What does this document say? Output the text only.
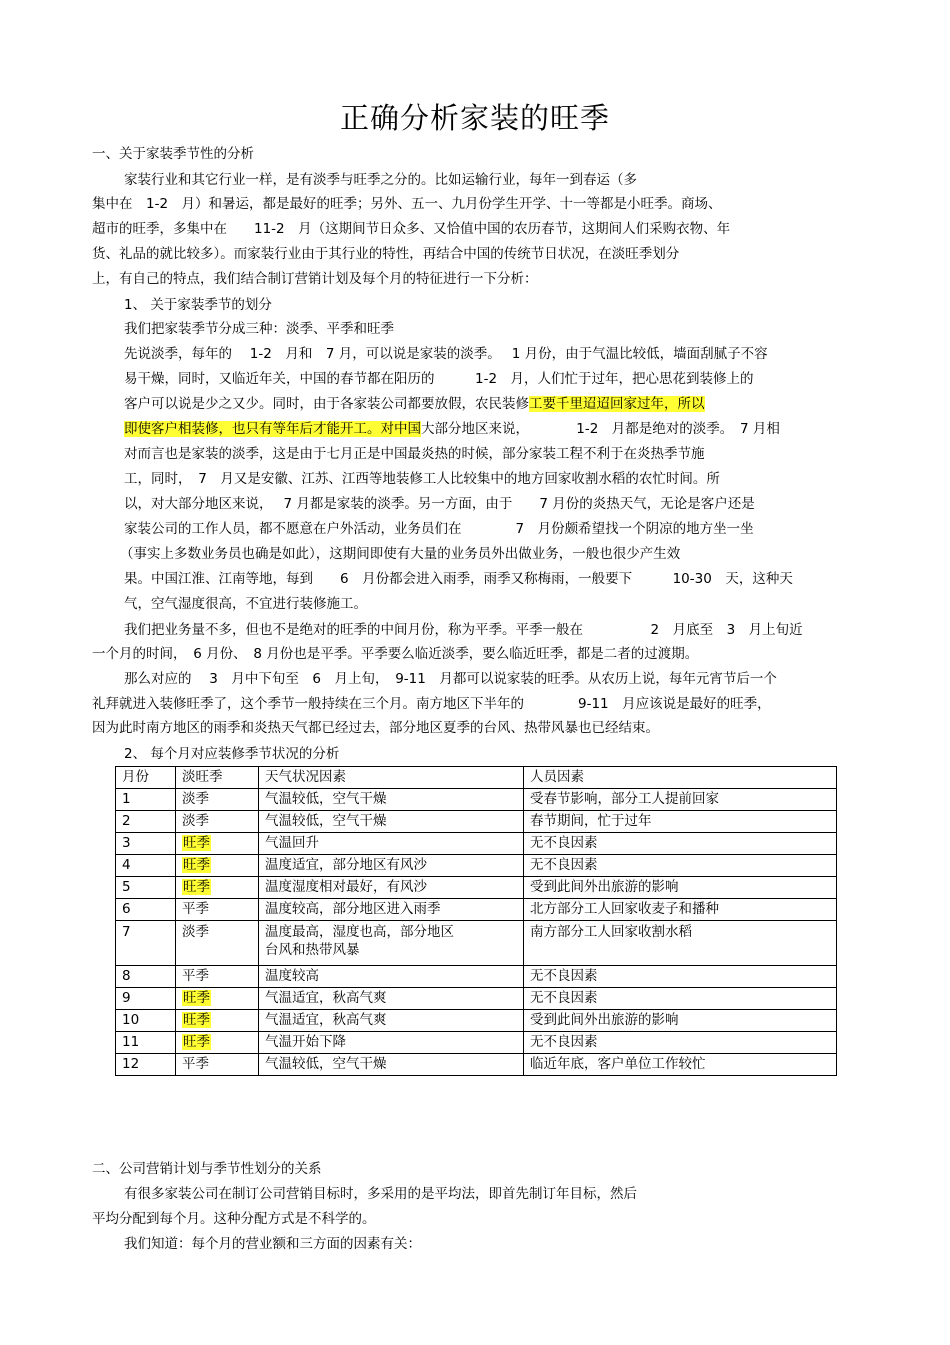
正确分析家装的旺季
一、关于家装季节性的分析
家装行业和其它行业一样，是有淡季与旺季之分的。比如运输行业，每年一到春运（多
集中在　1-2　月）和暑运，都是最好的旺季；另外、五一、九月份学生开学、十一等都是小旺季。商场、
超市的旺季，多集中在　　11-2　月（这期间节日众多、又恰值中国的农历春节，这期间人们采购衣物、年
货、礼品的就比较多）。而家装行业由于其行业的特性，再结合中国的传统节日状况，在淡旺季划分
上，有自己的特点，我们结合制订营销计划及每个月的特征进行一下分析：
1、 关于家装季节的划分
我们把家装季节分成三种：淡季、平季和旺季
先说淡季，每年的　 1-2　月和　7 月，可以说是家装的淡季。　 1 月份，由于气温比较低，墙面刮腻子不容
易干燥，同时，又临近年关，中国的春节都在阳历的　　　1-2　月，人们忙于过年，把心思花到装修上的
客户可以说是少之又少。同时，由于各家装公司都要放假，农民装修工要千里迢迢回家过年，所以
即使客户相装修，也只有等年后才能开工。对中国大部分地区来说，　　　　1-2　月都是绝对的淡季。　7 月相
对而言也是家装的淡季，这是由于七月正是中国最炎热的时候，部分家装工程不利于在炎热季节施
工，同时，　7　月又是安徽、江苏、江西等地装修工人比较集中的地方回家收割水稻的农忙时间。所
以，对大部分地区来说，　 7 月都是家装的淡季。另一方面，由于　　7 月份的炎热天气，无论是客户还是
家装公司的工作人员，都不愿意在户外活动，业务员们在　　　　7　月份颇希望找一个阴凉的地方坐一坐
（事实上多数业务员也确是如此），这期间即使有大量的业务员外出做业务，一般也很少产生效
果。中国江淮、江南等地，每到　　6　月份都会进入雨季，雨季又称梅雨，一般要下　　　10-30　天，这种天
气，空气湿度很高，不宜进行装修施工。
我们把业务量不多，但也不是绝对的旺季的中间月份，称为平季。平季一般在　　　　　2　月底至　3　月上旬近
一个月的时间，　6 月份、　8 月份也是平季。平季要么临近淡季，要么临近旺季，都是二者的过渡期。
那么对应的　 3　月中下旬至　6　月上旬，　9-11　月都可以说家装的旺季。从农历上说，每年元宵节后一个
礼拜就进入装修旺季了，这个季节一般持续在三个月。南方地区下半年的　　　　9-11　月应该说是最好的旺季，
因为此时南方地区的雨季和炎热天气都已经过去，部分地区夏季的台风、热带风暴也已经结束。
2、 每个月对应装修季节状况的分析
月份	淡旺季	天气状况因素	人员因素
1	淡季	气温较低，空气干燥	受春节影响，部分工人提前回家
2	淡季	气温较低，空气干燥	春节期间，忙于过年
3	旺季	气温回升	无不良因素
4	旺季	温度适宜，部分地区有风沙	无不良因素
5	旺季	温度湿度相对最好，有风沙	受到此间外出旅游的影响
6	平季	温度较高，部分地区进入雨季	北方部分工人回家收麦子和播种
7	淡季	温度最高，湿度也高，部分地区
台风和热带风暴	南方部分工人回家收割水稻
8	平季	温度较高	无不良因素
9	旺季	气温适宜，秋高气爽	无不良因素
10	旺季	气温适宜，秋高气爽	受到此间外出旅游的影响
11	旺季	气温开始下降	无不良因素
12	平季	气温较低，空气干燥	临近年底，客户单位工作较忙
二、公司营销计划与季节性划分的关系
有很多家装公司在制订公司营销目标时，多采用的是平均法，即首先制订年目标，然后
平均分配到每个月。这种分配方式是不科学的。
我们知道：每个月的营业额和三方面的因素有关：
